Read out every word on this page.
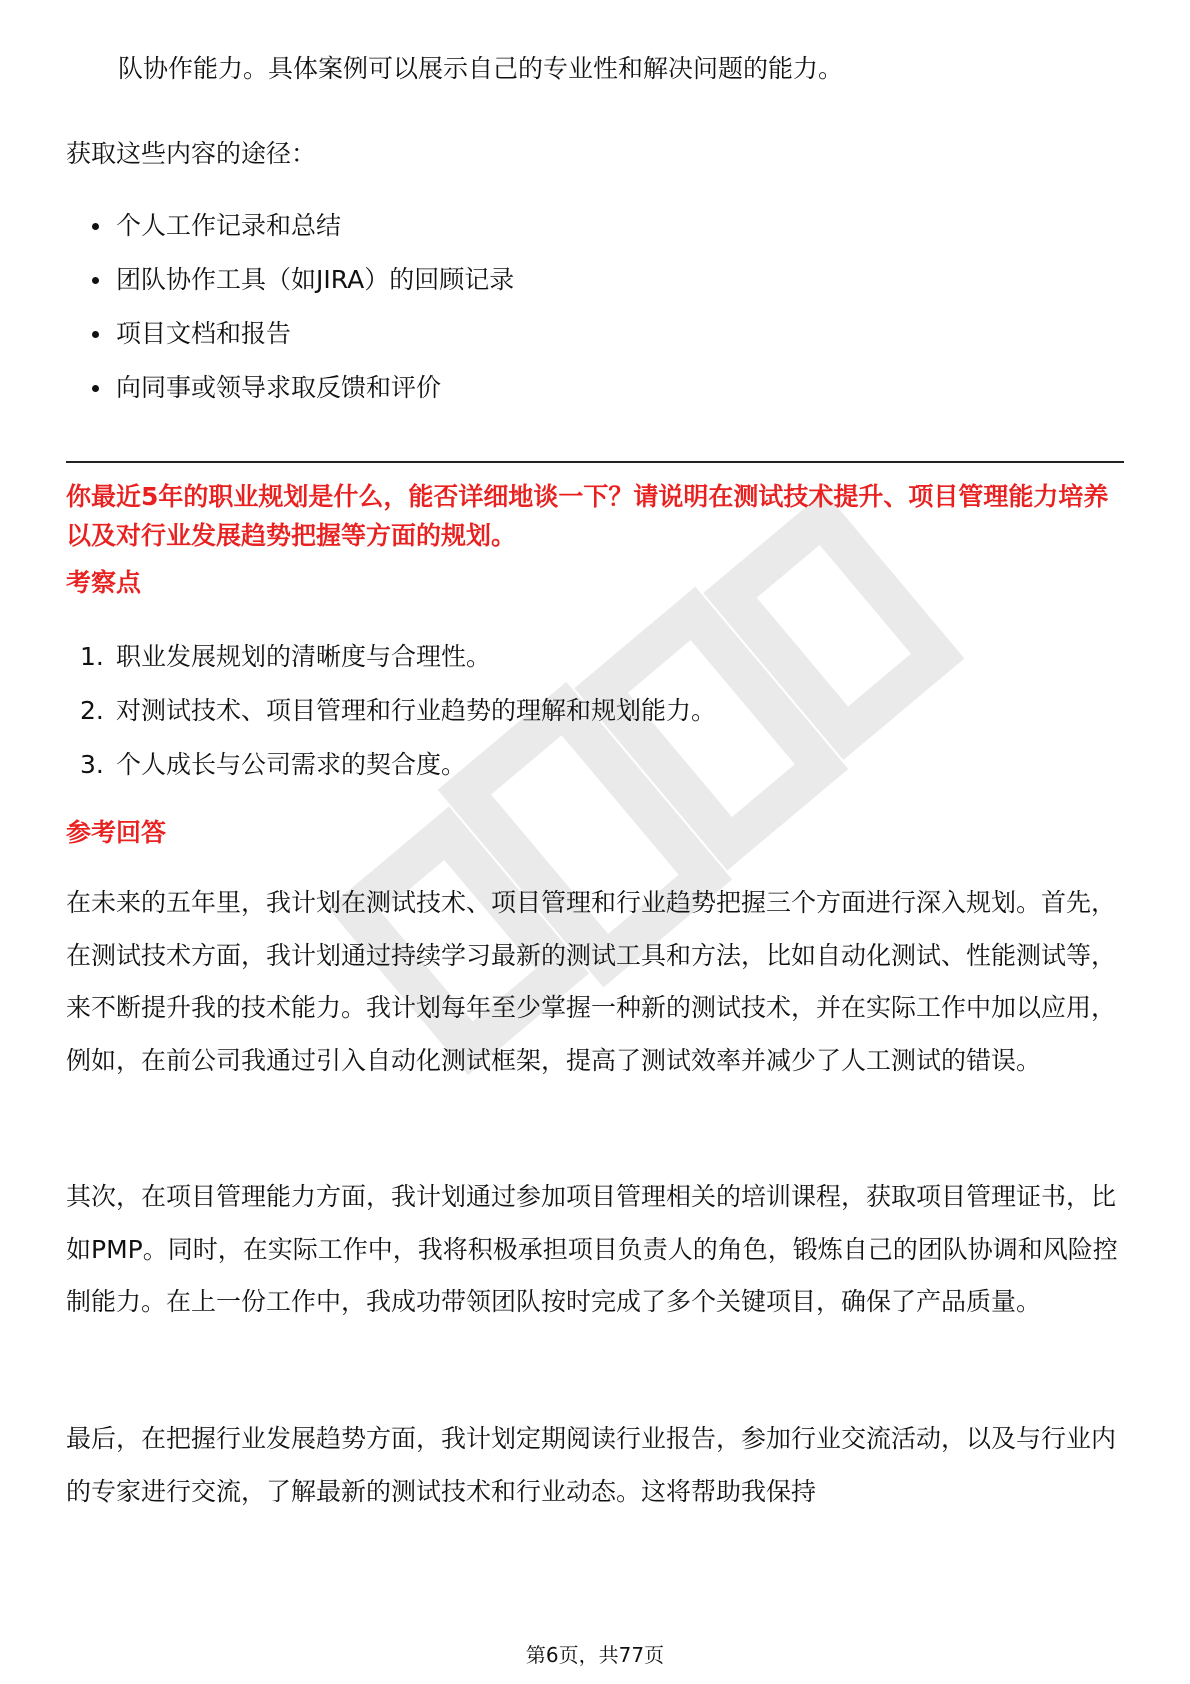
队协作能力。具体案例可以展示自己的专业性和解决问题的能力。
获取这些内容的途径：
个人工作记录和总结
团队协作工具（如JIRA）的回顾记录
项目文档和报告
向同事或领导求取反馈和评价
你最近5年的职业规划是什么，能否详细地谈一下？请说明在测试技术提升、项目管理能力培养以及对行业发展趋势把握等方面的规划。
考察点
1. 职业发展规划的清晰度与合理性。
2. 对测试技术、项目管理和行业趋势的理解和规划能力。
3. 个人成长与公司需求的契合度。
参考回答
在未来的五年里，我计划在测试技术、项目管理和行业趋势把握三个方面进行深入规划。首先，在测试技术方面，我计划通过持续学习最新的测试工具和方法，比如自动化测试、性能测试等，来不断提升我的技术能力。我计划每年至少掌握一种新的测试技术，并在实际工作中加以应用，例如，在前公司我通过引入自动化测试框架，提高了测试效率并减少了人工测试的错误。
其次，在项目管理能力方面，我计划通过参加项目管理相关的培训课程，获取项目管理证书，比如PMP。同时，在实际工作中，我将积极承担项目负责人的角色，锻炼自己的团队协调和风险控制能力。在上一份工作中，我成功带领团队按时完成了多个关键项目，确保了产品质量。
最后，在把握行业发展趋势方面，我计划定期阅读行业报告，参加行业交流活动，以及与行业内的专家进行交流，了解最新的测试技术和行业动态。这将帮助我保持
第6页，共77页
